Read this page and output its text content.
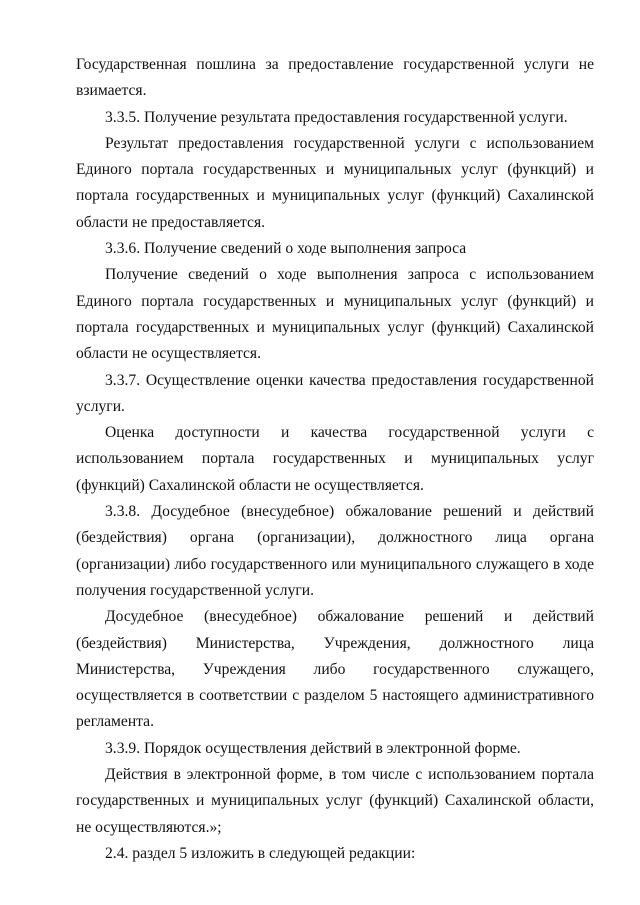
Государственная пошлина за предоставление государственной услуги не взимается.

3.3.5. Получение результата предоставления государственной услуги.

Результат предоставления государственной услуги с использованием Единого портала государственных и муниципальных услуг (функций) и портала государственных и муниципальных услуг (функций) Сахалинской области не предоставляется.

3.3.6. Получение сведений о ходе выполнения запроса

Получение сведений о ходе выполнения запроса с использованием Единого портала государственных и муниципальных услуг (функций) и портала государственных и муниципальных услуг (функций) Сахалинской области не осуществляется.

3.3.7. Осуществление оценки качества предоставления государственной услуги.

Оценка доступности и качества государственной услуги с использованием портала государственных и муниципальных услуг (функций) Сахалинской области не осуществляется.

3.3.8. Досудебное (внесудебное) обжалование решений и действий (бездействия) органа (организации), должностного лица органа (организации) либо государственного или муниципального служащего в ходе получения государственной услуги.

Досудебное (внесудебное) обжалование решений и действий (бездействия) Министерства, Учреждения, должностного лица Министерства, Учреждения либо государственного служащего, осуществляется в соответствии с разделом 5 настоящего административного регламента.

3.3.9. Порядок осуществления действий в электронной форме.

Действия в электронной форме, в том числе с использованием портала государственных и муниципальных услуг (функций) Сахалинской области, не осуществляются.»;

2.4. раздел 5 изложить в следующей редакции:
